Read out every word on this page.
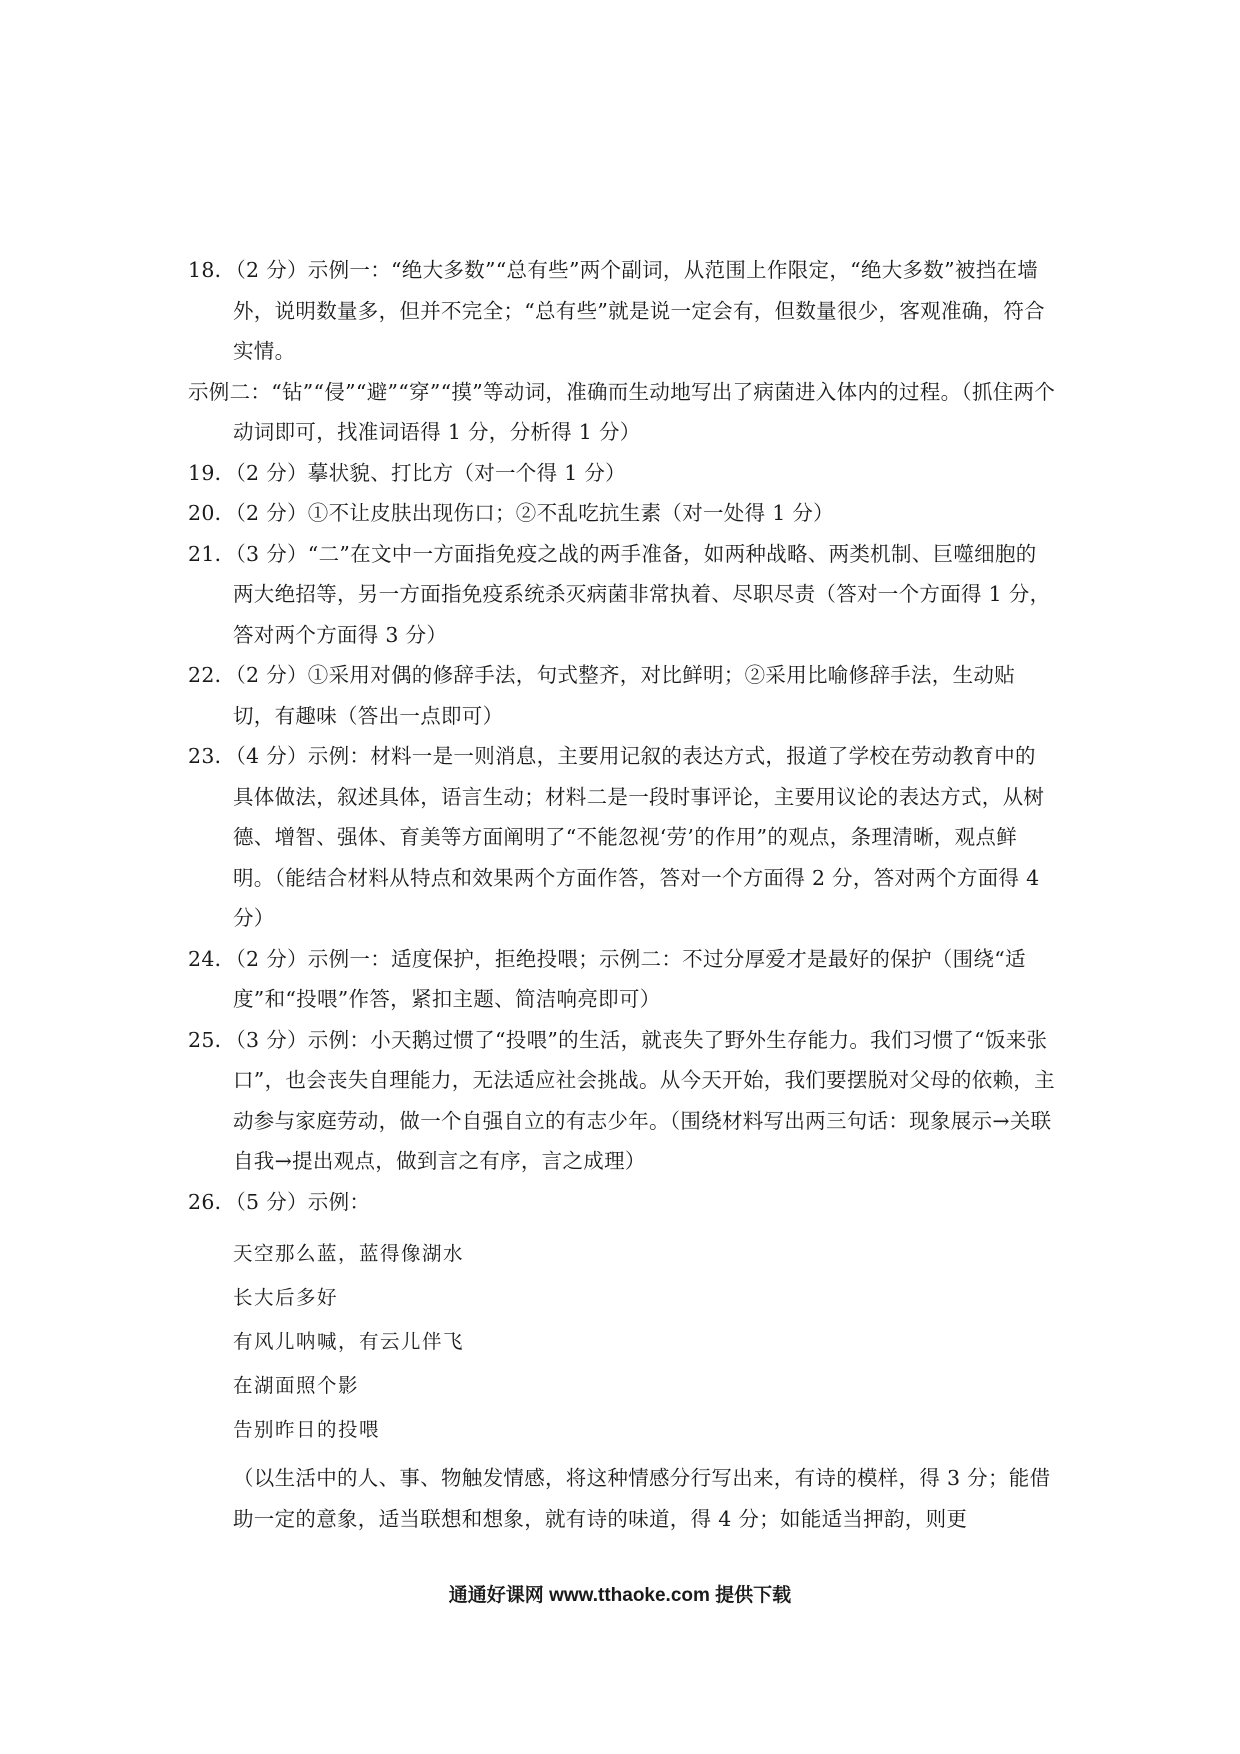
18．（2 分）示例一：“绝大多数”“总有些”两个副词，从范围上作限定，“绝大多数”被挡在墙外，说明数量多，但并不完全；“总有些”就是说一定会有，但数量很少，客观准确，符合实情。

示例二：“钻”“侵”“避”“穿”“摸”等动词，准确而生动地写出了病菌进入体内的过程。（抓住两个动词即可，找准词语得 1 分，分析得 1 分）

19．（2 分）摹状貌、打比方（对一个得 1 分）

20．（2 分）①不让皮肤出现伤口；②不乱吃抗生素（对一处得 1 分）

21．（3 分）“二”在文中一方面指免疫之战的两手准备，如两种战略、两类机制、巨噬细胞的两大绝招等，另一方面指免疫系统杀灭病菌非常执着、尽职尽责（答对一个方面得 1 分，答对两个方面得 3 分）

22．（2 分）①采用对偶的修辞手法，句式整齐，对比鲜明；②采用比喻修辞手法，生动贴切，有趣味（答出一点即可）

23．（4 分）示例：材料一是一则消息，主要用记叙的表达方式，报道了学校在劳动教育中的具体做法，叙述具体，语言生动；材料二是一段时事评论，主要用议论的表达方式，从树德、增智、强体、育美等方面阐明了“不能忽视‘劳’的作用”的观点，条理清晰，观点鲜明。（能结合材料从特点和效果两个方面作答，答对一个方面得 2 分，答对两个方面得 4 分）

24．（2 分）示例一：适度保护，拒绝投喂；示例二：不过分厚爱才是最好的保护（围绕“适度”和“投喂”作答，紧扣主题、简洁响亮即可）

25．（3 分）示例：小天鹅过惯了“投喂”的生活，就丧失了野外生存能力。我们习惯了“饭来张口”，也会丧失自理能力，无法适应社会挑战。从今天开始，我们要摆脱对父母的依赖，主动参与家庭劳动，做一个自强自立的有志少年。（围绕材料写出两三句话：现象展示→关联自我→提出观点，做到言之有序，言之成理）

26．（5 分）示例：

天空那么蓝，蓝得像湖水

长大后多好

有风儿呐喊，有云儿伴飞

在湖面照个影

告别昨日的投喂

（以生活中的人、事、物触发情感，将这种情感分行写出来，有诗的模样，得 3 分；能借助一定的意象，适当联想和想象，就有诗的味道，得 4 分；如能适当押韵，则更

通通好课网 www.tthaoke.com 提供下载
